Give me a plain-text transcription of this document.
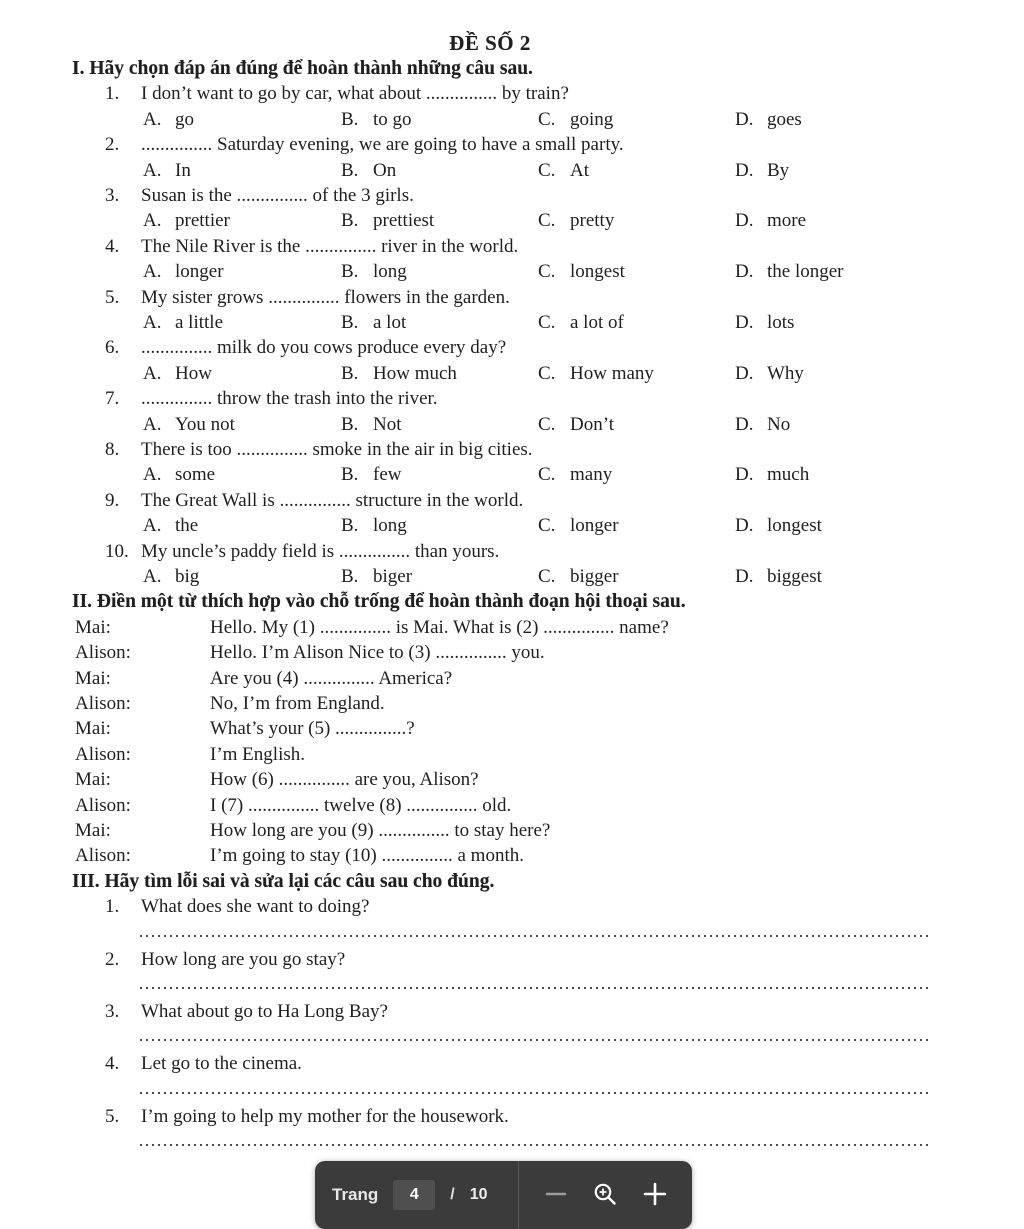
ĐỀ SỐ 2
I. Hãy chọn đáp án đúng để hoàn thành những câu sau.
1.	I don’t want to go by car, what about ............... by train?
A. go	B. to go	C. going	D. goes
2.	............... Saturday evening, we are going to have a small party.
A. In	B. On	C. At	D. By
3.	Susan is the ............... of the 3 girls.
A. prettier	B. prettiest	C. pretty	D. more
4.	The Nile River is the ............... river in the world.
A. longer	B. long	C. longest	D. the longer
5.	My sister grows ............... flowers in the garden.
A. a little	B. a lot	C. a lot of	D. lots
6.	............... milk do you cows produce every day?
A. How	B. How much	C. How many	D. Why
7.	............... throw the trash into the river.
A. You not	B. Not	C. Don’t	D. No
8.	There is too ............... smoke in the air in big cities.
A. some	B. few	C. many	D. much
9.	The Great Wall is ............... structure in the world.
A. the	B. long	C. longer	D. longest
10. My uncle’s paddy field is ............... than yours.
A. big	B. biger	C. bigger	D. biggest
II. Điền một từ thích hợp vào chỗ trống để hoàn thành đoạn hội thoại sau.
Mai:	Hello. My (1) ............... is Mai. What is (2) ............... name?
Alison:	Hello. I’m Alison Nice to (3) ............... you.
Mai:	Are you (4) ............... America?
Alison:	No, I’m from England.
Mai:	What’s your (5) ...............?
Alison:	I’m English.
Mai:	How (6) ............... are you, Alison?
Alison:	I (7) ............... twelve (8) ............... old.
Mai:	How long are you (9) ............... to stay here?
Alison:	I’m going to stay (10) ............... a month.
III. Hãy tìm lỗi sai và sửa lại các câu sau cho đúng.
1.	What does she want to doing?
2.	How long are you go stay?
3.	What about go to Ha Long Bay?
4.	Let go to the cinema.
5.	I’m going to help my mother for the housework.
Trang	4	/ 10
